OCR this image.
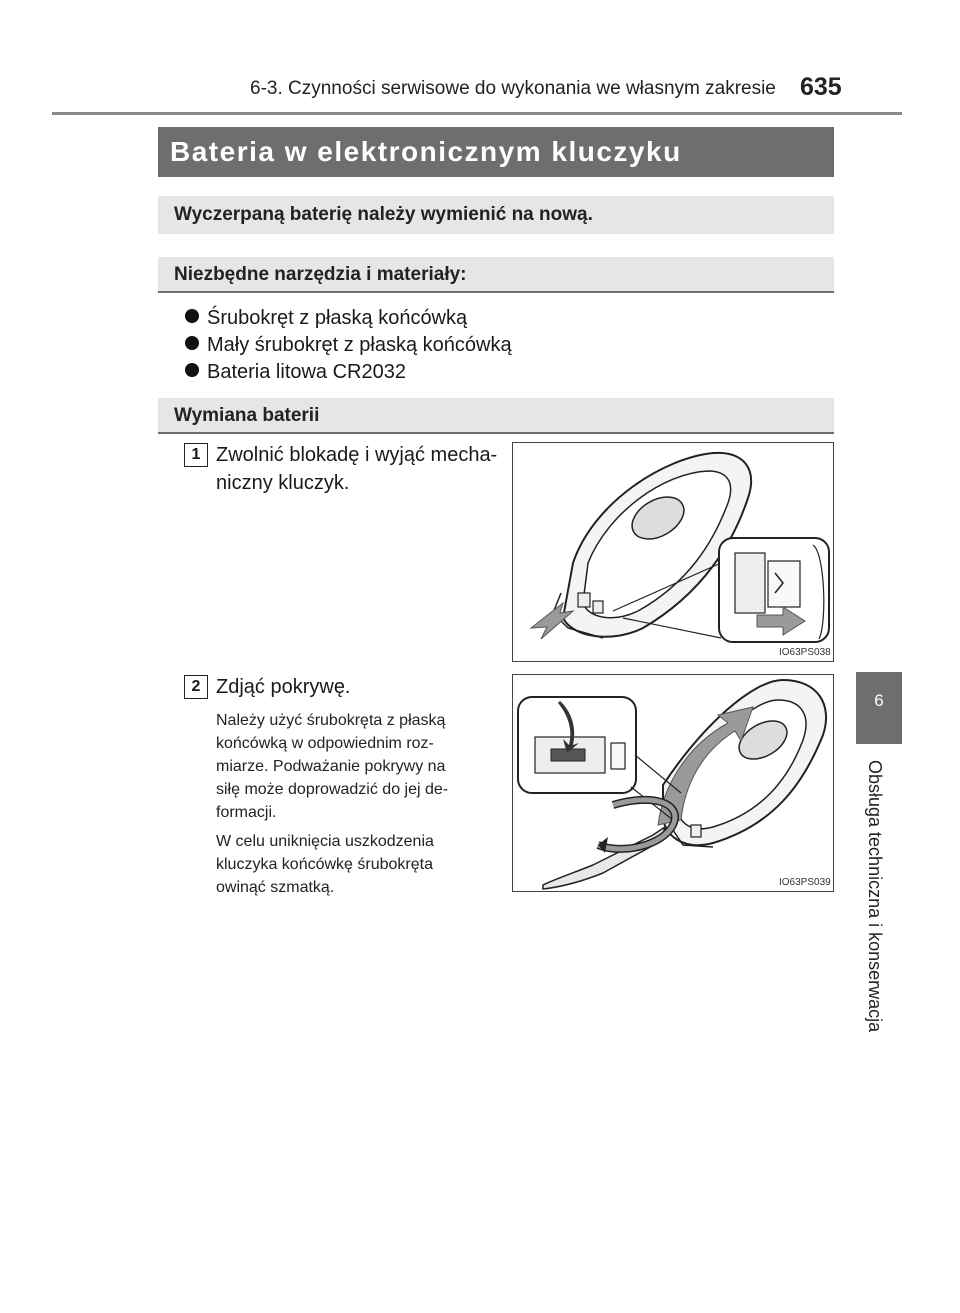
6-3. Czynności serwisowe do wykonania we własnym zakresie 635
6
Obsługa techniczna i konserwacja
Bateria w elektronicznym kluczyku
Wyczerpaną baterię należy wymienić na nową.
Niezbędne narzędzia i materiały:
Śrubokręt z płaską końcówką
Mały śrubokręt z płaską końcówką
Bateria litowa CR2032
Wymiana baterii
1 Zwolnić blokadę i wyjąć mecha-
niczny kluczyk.
IO63PS038
2 Zdjąć pokrywę.
Należy użyć śrubokręta z płaską
końcówką w odpowiednim roz-
miarze. Podważanie pokrywy na
siłę może doprowadzić do jej de-
formacji.
W celu uniknięcia uszkodzenia
kluczyka końcówkę śrubokręta
owinąć szmatką.	IO63PS039
